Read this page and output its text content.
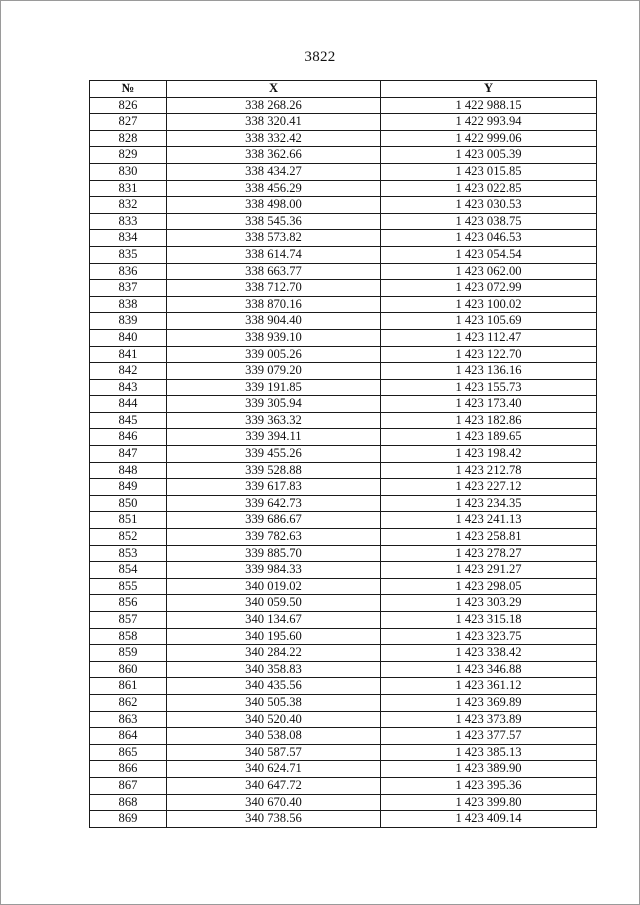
3822
№	X	Y
826	338 268.26	1 422 988.15
827	338 320.41	1 422 993.94
828	338 332.42	1 422 999.06
829	338 362.66	1 423 005.39
830	338 434.27	1 423 015.85
831	338 456.29	1 423 022.85
832	338 498.00	1 423 030.53
833	338 545.36	1 423 038.75
834	338 573.82	1 423 046.53
835	338 614.74	1 423 054.54
836	338 663.77	1 423 062.00
837	338 712.70	1 423 072.99
838	338 870.16	1 423 100.02
839	338 904.40	1 423 105.69
840	338 939.10	1 423 112.47
841	339 005.26	1 423 122.70
842	339 079.20	1 423 136.16
843	339 191.85	1 423 155.73
844	339 305.94	1 423 173.40
845	339 363.32	1 423 182.86
846	339 394.11	1 423 189.65
847	339 455.26	1 423 198.42
848	339 528.88	1 423 212.78
849	339 617.83	1 423 227.12
850	339 642.73	1 423 234.35
851	339 686.67	1 423 241.13
852	339 782.63	1 423 258.81
853	339 885.70	1 423 278.27
854	339 984.33	1 423 291.27
855	340 019.02	1 423 298.05
856	340 059.50	1 423 303.29
857	340 134.67	1 423 315.18
858	340 195.60	1 423 323.75
859	340 284.22	1 423 338.42
860	340 358.83	1 423 346.88
861	340 435.56	1 423 361.12
862	340 505.38	1 423 369.89
863	340 520.40	1 423 373.89
864	340 538.08	1 423 377.57
865	340 587.57	1 423 385.13
866	340 624.71	1 423 389.90
867	340 647.72	1 423 395.36
868	340 670.40	1 423 399.80
869	340 738.56	1 423 409.14
